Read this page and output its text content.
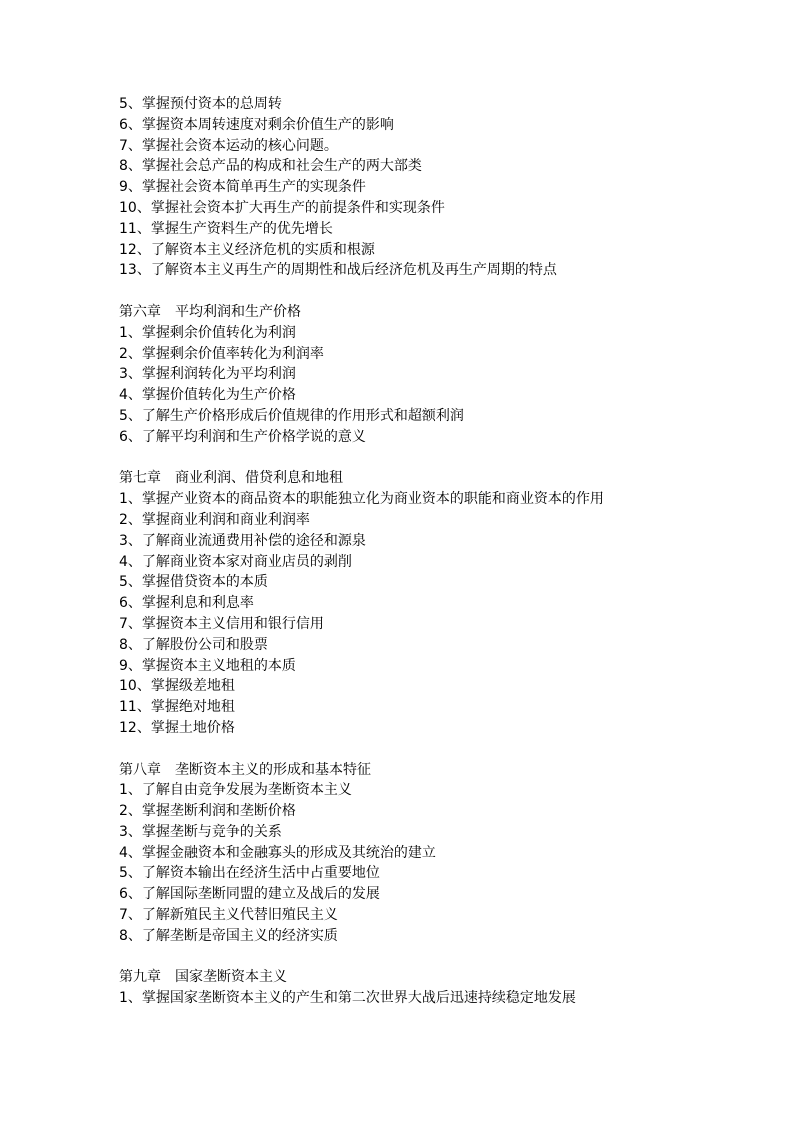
5、掌握预付资本的总周转
6、掌握资本周转速度对剩余价值生产的影响
7、掌握社会资本运动的核心问题。
8、掌握社会总产品的构成和社会生产的两大部类
9、掌握社会资本简单再生产的实现条件
10、掌握社会资本扩大再生产的前提条件和实现条件
11、掌握生产资料生产的优先增长
12、了解资本主义经济危机的实质和根源
13、了解资本主义再生产的周期性和战后经济危机及再生产周期的特点
第六章　平均利润和生产价格
1、掌握剩余价值转化为利润
2、掌握剩余价值率转化为利润率
3、掌握利润转化为平均利润
4、掌握价值转化为生产价格
5、了解生产价格形成后价值规律的作用形式和超额利润
6、了解平均利润和生产价格学说的意义
第七章　商业利润、借贷利息和地租
1、掌握产业资本的商品资本的职能独立化为商业资本的职能和商业资本的作用
2、掌握商业利润和商业利润率
3、了解商业流通费用补偿的途径和源泉
4、了解商业资本家对商业店员的剥削
5、掌握借贷资本的本质
6、掌握利息和利息率
7、掌握资本主义信用和银行信用
8、了解股份公司和股票
9、掌握资本主义地租的本质
10、掌握级差地租
11、掌握绝对地租
12、掌握土地价格
第八章　垄断资本主义的形成和基本特征
1、了解自由竞争发展为垄断资本主义
2、掌握垄断利润和垄断价格
3、掌握垄断与竞争的关系
4、掌握金融资本和金融寡头的形成及其统治的建立
5、了解资本输出在经济生活中占重要地位
6、了解国际垄断同盟的建立及战后的发展
7、了解新殖民主义代替旧殖民主义
8、了解垄断是帝国主义的经济实质
第九章　国家垄断资本主义
1、掌握国家垄断资本主义的产生和第二次世界大战后迅速持续稳定地发展
